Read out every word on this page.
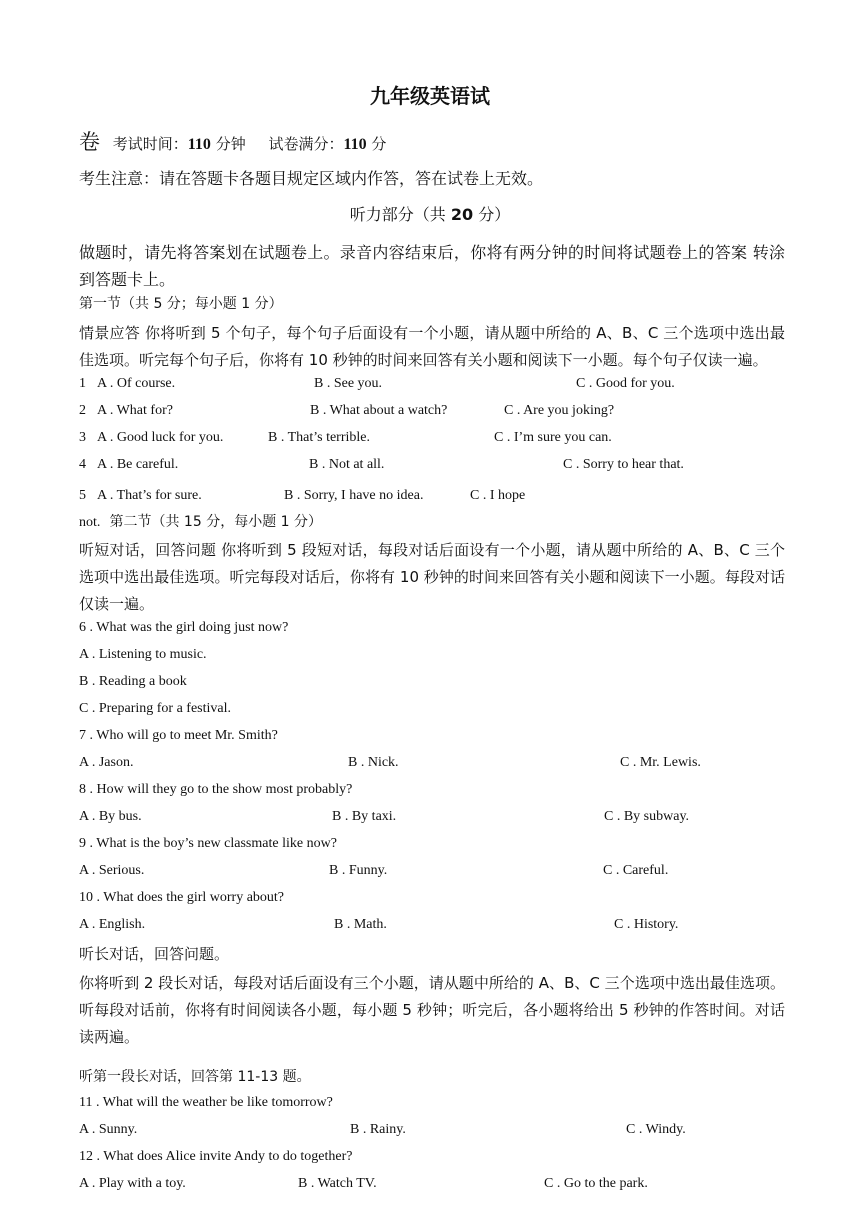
九年级英语试
卷 考试时间：110 分钟 试卷满分：110 分
考生注意：请在答题卡各题目规定区域内作答，答在试卷上无效。
听力部分（共 20 分）
做题时，请先将答案划在试题卷上。录音内容结束后，你将有两分钟的时间将试题卷上的答案 转涂到答题卡上。
第一节（共 5 分；每小题 1 分）
情景应答 你将听到 5 个句子，每个句子后面设有一个小题，请从题中所给的 A、B、C 三个选项中选出最 佳选项。听完每个句子后，你将有 10 秒钟的时间来回答有关小题和阅读下一小题。每个句子仅读一遍。
1 A . Of course.	B . See you.	C . Good for you.
2 A . What for?	B . What about a watch?	C . Are you joking?
3 A . Good luck for you.	B . That’s terrible.	C . I’m sure you can.
4 A . Be careful.	B . Not at all.	C . Sorry to hear that.
5 A . That’s for sure.	B . Sorry, I have no idea.	C . I hope
not. 第二节（共 15 分，每小题 1 分）
听短对话，回答问题 你将听到 5 段短对话，每段对话后面设有一个小题，请从题中所给的 A、B、C 三个 选项中选出最佳选项。听完每段对话后，你将有 10 秒钟的时间来回答有关小题和阅读下一小题。每段对话 仅读一遍。
6 . What was the girl doing just now?
A . Listening to music.
B . Reading a book
C . Preparing for a festival.
7 . Who will go to meet Mr. Smith?
A . Jason.	B . Nick.	C . Mr. Lewis.
8 . How will they go to the show most probably?
A . By bus.	B . By taxi.	C . By subway.
9 . What is the boy’s new classmate like now?
A . Serious.	B . Funny.	C . Careful.
10 . What does the girl worry about?
A . English.	B . Math.	C . History.
听长对话，回答问题。
你将听到 2 段长对话，每段对话后面设有三个小题，请从题中所给的 A、B、C 三个选项中选出最佳选项。听每段对话前，你将有时间阅读各小题，每小题 5 秒钟；听完后，各小题将给出 5 秒钟的作答时间。对话读两遍。
听第一段长对话，回答第 11-13 题。
11 . What will the weather be like tomorrow?
A . Sunny.	B . Rainy.	C . Windy.
12 . What does Alice invite Andy to do together?
A . Play with a toy.	B . Watch TV.	C . Go to the park.
